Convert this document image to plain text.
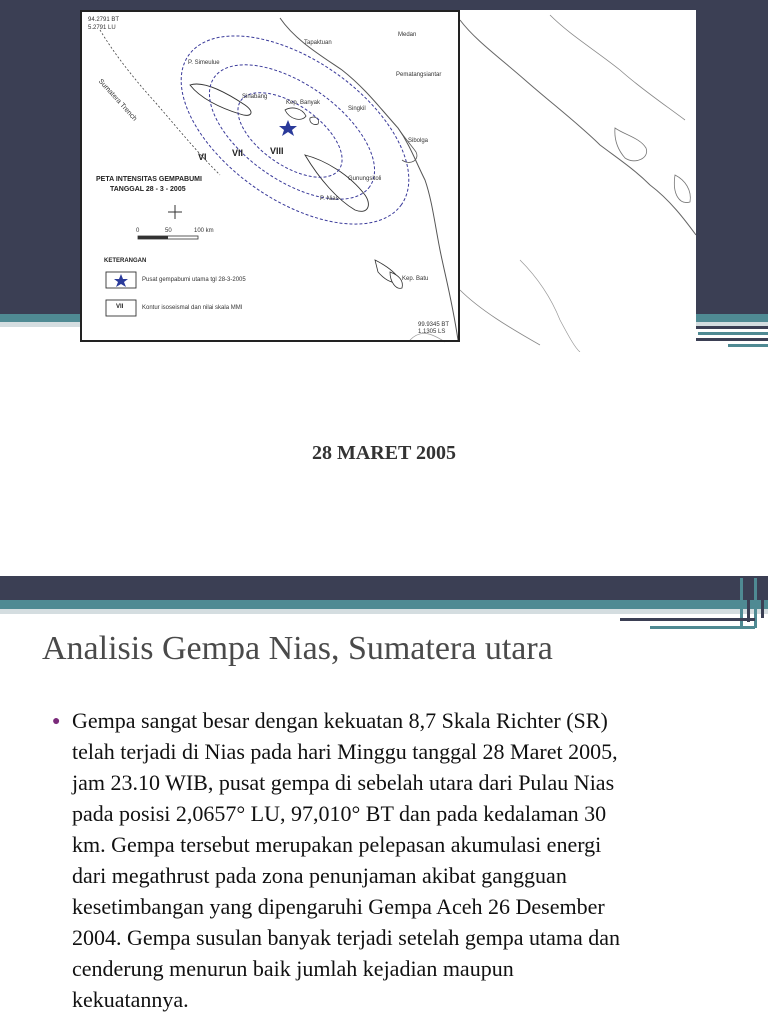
94.2791 BT
5.2791 LU
99.9345 BT
1.1305 LS
Sumatera Trench
Tapaktuan
P. Simeulue
Medan
Pematangsiantar
Singkil
Sinabang
Kep. Banyak
Sibolga
Gunungsitoli
P. Nias
Kep. Batu
VI	VII	VIII
PETA INTENSITAS GEMPABUMI
TANGGAL 28 - 3 - 2005
0	50	100 km
KETERANGAN
Pusat gempabumi utama tgl 28-3-2005
VII	Kontur isoseismal dan nilai skala MMI
28 MARET 2005
Analisis Gempa Nias, Sumatera utara
● Gempa sangat besar dengan kekuatan 8,7 Skala Richter (SR)
telah terjadi di Nias pada hari Minggu tanggal 28 Maret 2005,
jam 23.10 WIB, pusat gempa di sebelah utara dari Pulau Nias
pada posisi 2,0657° LU, 97,010° BT dan pada kedalaman 30
km. Gempa tersebut merupakan pelepasan akumulasi energi
dari megathrust pada zona penunjaman akibat gangguan
kesetimbangan yang dipengaruhi Gempa Aceh 26 Desember
2004. Gempa susulan banyak terjadi setelah gempa utama dan
cenderung menurun baik jumlah kejadian maupun
kekuatannya.
